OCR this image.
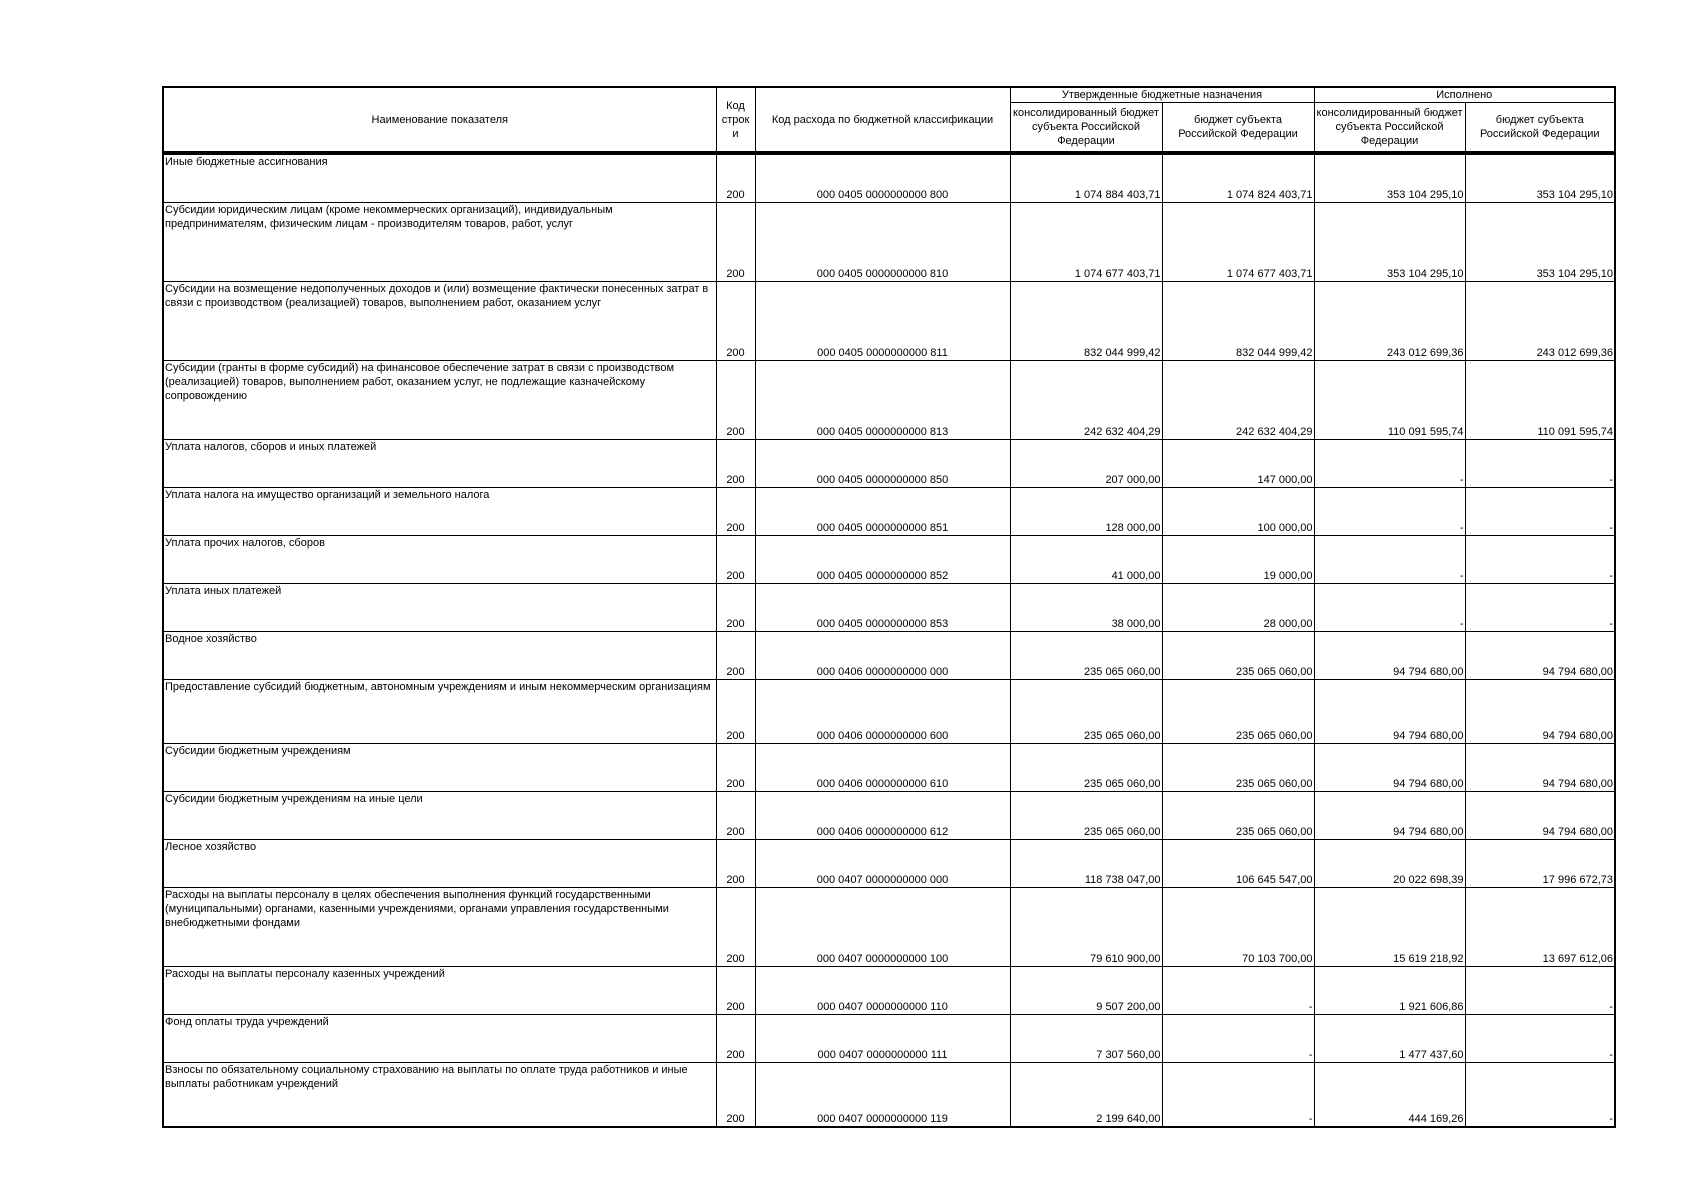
Наименование показателя	Код строк и	Код расхода по бюджетной классификации	Утвержденные бюджетные назначения		Исполнено	
			консолидированный бюджет субъекта Российской Федерации	бюджет субъекта Российской Федерации	консолидированный бюджет субъекта Российской Федерации	бюджет субъекта Российской Федерации

Иные бюджетные ассигнования	200	000 0405 0000000000 800	1 074 884 403,71	1 074 824 403,71	353 104 295,10	353 104 295,10
Субсидии юридическим лицам (кроме некоммерческих организаций), индивидуальным предпринимателям, физическим лицам - производителям товаров, работ, услуг	200	000 0405 0000000000 810	1 074 677 403,71	1 074 677 403,71	353 104 295,10	353 104 295,10
Субсидии на возмещение недополученных доходов и (или) возмещение фактически понесенных затрат в связи с производством (реализацией) товаров, выполнением работ, оказанием услуг	200	000 0405 0000000000 811	832 044 999,42	832 044 999,42	243 012 699,36	243 012 699,36
Субсидии (гранты в форме субсидий) на финансовое обеспечение затрат в связи с производством (реализацией) товаров, выполнением работ, оказанием услуг, не подлежащие казначейскому сопровождению	200	000 0405 0000000000 813	242 632 404,29	242 632 404,29	110 091 595,74	110 091 595,74
Уплата налогов, сборов и иных платежей	200	000 0405 0000000000 850	207 000,00	147 000,00	-	-
Уплата налога на имущество организаций и земельного налога	200	000 0405 0000000000 851	128 000,00	100 000,00	-	-
Уплата прочих налогов, сборов	200	000 0405 0000000000 852	41 000,00	19 000,00	-	-
Уплата иных платежей	200	000 0405 0000000000 853	38 000,00	28 000,00	-	-
Водное хозяйство	200	000 0406 0000000000 000	235 065 060,00	235 065 060,00	94 794 680,00	94 794 680,00
Предоставление субсидий бюджетным, автономным учреждениям и иным некоммерческим организациям	200	000 0406 0000000000 600	235 065 060,00	235 065 060,00	94 794 680,00	94 794 680,00
Субсидии бюджетным учреждениям	200	000 0406 0000000000 610	235 065 060,00	235 065 060,00	94 794 680,00	94 794 680,00
Субсидии бюджетным учреждениям на иные цели	200	000 0406 0000000000 612	235 065 060,00	235 065 060,00	94 794 680,00	94 794 680,00
Лесное хозяйство	200	000 0407 0000000000 000	118 738 047,00	106 645 547,00	20 022 698,39	17 996 672,73
Расходы на выплаты персоналу в целях обеспечения выполнения функций государственными (муниципальными) органами, казенными учреждениями, органами управления государственными внебюджетными фондами	200	000 0407 0000000000 100	79 610 900,00	70 103 700,00	15 619 218,92	13 697 612,06
Расходы на выплаты персоналу казенных учреждений	200	000 0407 0000000000 110	9 507 200,00	-	1 921 606,86	-
Фонд оплаты труда учреждений	200	000 0407 0000000000 111	7 307 560,00	-	1 477 437,60	-
Взносы по обязательному социальному страхованию на выплаты по оплате труда работников и иные выплаты работникам учреждений	200	000 0407 0000000000 119	2 199 640,00	-	444 169,26	-
